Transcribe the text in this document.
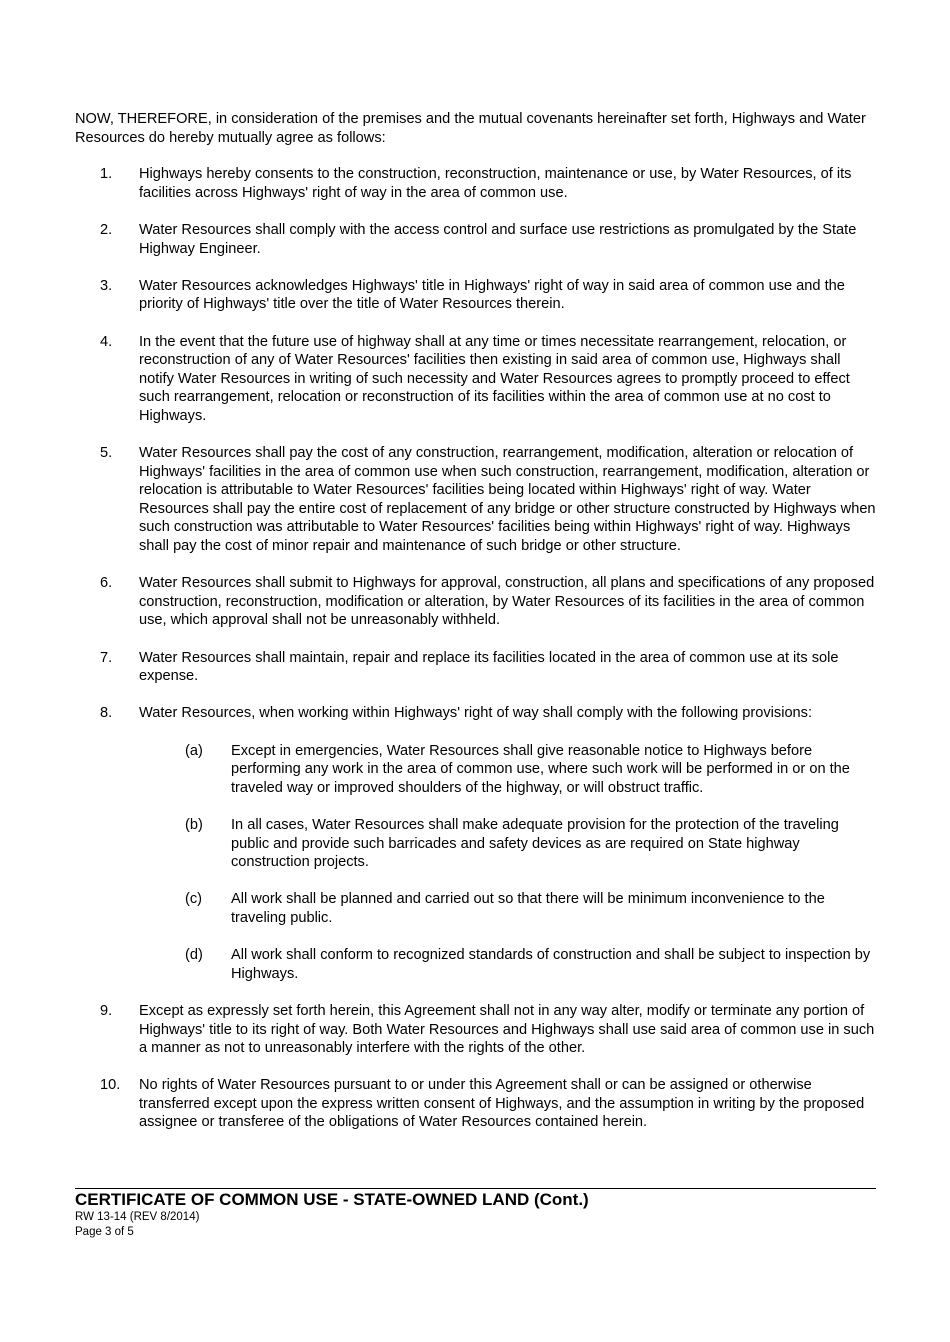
NOW, THEREFORE, in consideration of the premises and the mutual covenants hereinafter set forth, Highways and Water Resources do hereby mutually agree as follows:

1.	Highways hereby consents to the construction, reconstruction, maintenance or use, by Water Resources, of its facilities across Highways' right of way in the area of common use.
2.	Water Resources shall comply with the access control and surface use restrictions as promulgated by the State Highway Engineer.
3.	Water Resources acknowledges Highways' title in Highways' right of way in said area of common use and the priority of Highways' title over the title of Water Resources therein.
4.	In the event that the future use of highway shall at any time or times necessitate rearrangement, relocation, or reconstruction of any of Water Resources' facilities then existing in said area of common use, Highways shall notify Water Resources in writing of such necessity and Water Resources agrees to promptly proceed to effect such rearrangement, relocation or reconstruction of its facilities within the area of common use at no cost to Highways.
5.	Water Resources shall pay the cost of any construction, rearrangement, modification, alteration or relocation of Highways' facilities in the area of common use when such construction, rearrangement, modification, alteration or relocation is attributable to Water Resources' facilities being located within Highways' right of way. Water Resources shall pay the entire cost of replacement of any bridge or other structure constructed by Highways when such construction was attributable to Water Resources' facilities being within Highways' right of way. Highways shall pay the cost of minor repair and maintenance of such bridge or other structure.
6.	Water Resources shall submit to Highways for approval, construction, all plans and specifications of any proposed construction, reconstruction, modification or alteration, by Water Resources of its facilities in the area of common use, which approval shall not be unreasonably withheld.
7.	Water Resources shall maintain, repair and replace its facilities located in the area of common use at its sole expense.
8.	Water Resources, when working within Highways' right of way shall comply with the following provisions:
(a)	Except in emergencies, Water Resources shall give reasonable notice to Highways before performing any work in the area of common use, where such work will be performed in or on the traveled way or improved shoulders of the highway, or will obstruct traffic.
(b)	In all cases, Water Resources shall make adequate provision for the protection of the traveling public and provide such barricades and safety devices as are required on State highway construction projects.
(c)	All work shall be planned and carried out so that there will be minimum inconvenience to the traveling public.
(d)	All work shall conform to recognized standards of construction and shall be subject to inspection by Highways.
9.	Except as expressly set forth herein, this Agreement shall not in any way alter, modify or terminate any portion of Highways' title to its right of way. Both Water Resources and Highways shall use said area of common use in such a manner as not to unreasonably interfere with the rights of the other.
10.	No rights of Water Resources pursuant to or under this Agreement shall or can be assigned or otherwise transferred except upon the express written consent of Highways, and the assumption in writing by the proposed assignee or transferee of the obligations of Water Resources contained herein.
CERTIFICATE OF COMMON USE - STATE-OWNED LAND (Cont.)
RW 13-14 (REV 8/2014)
Page 3 of 5
